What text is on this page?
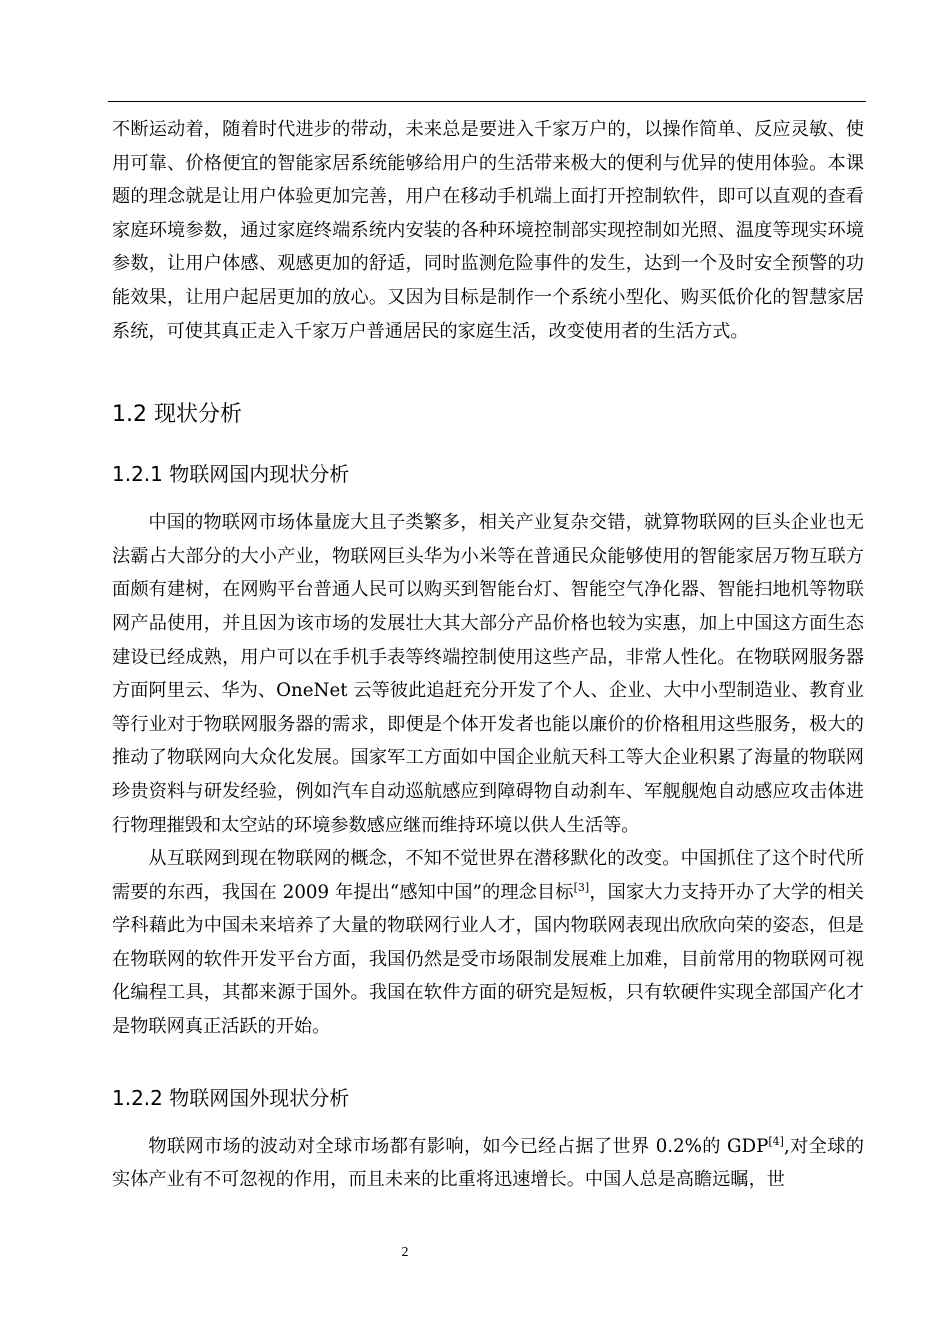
不断运动着，随着时代进步的带动，未来总是要进入千家万户的，以操作简单、反应灵敏、使用可靠、价格便宜的智能家居系统能够给用户的生活带来极大的便利与优异的使用体验。本课题的理念就是让用户体验更加完善，用户在移动手机端上面打开控制软件，即可以直观的查看家庭环境参数，通过家庭终端系统内安装的各种环境控制部实现控制如光照、温度等现实环境参数，让用户体感、观感更加的舒适，同时监测危险事件的发生，达到一个及时安全预警的功能效果，让用户起居更加的放心。又因为目标是制作一个系统小型化、购买低价化的智慧家居系统，可使其真正走入千家万户普通居民的家庭生活，改变使用者的生活方式。

1.2 现状分析
1.2.1 物联网国内现状分析

中国的物联网市场体量庞大且子类繁多，相关产业复杂交错，就算物联网的巨头企业也无法霸占大部分的大小产业，物联网巨头华为小米等在普通民众能够使用的智能家居万物互联方面颇有建树，在网购平台普通人民可以购买到智能台灯、智能空气净化器、智能扫地机等物联网产品使用，并且因为该市场的发展壮大其大部分产品价格也较为实惠，加上中国这方面生态建设已经成熟，用户可以在手机手表等终端控制使用这些产品，非常人性化。在物联网服务器方面阿里云、华为、OneNet 云等彼此追赶充分开发了个人、企业、大中小型制造业、教育业等行业对于物联网服务器的需求，即便是个体开发者也能以廉价的价格租用这些服务，极大的推动了物联网向大众化发展。国家军工方面如中国企业航天科工等大企业积累了海量的物联网珍贵资料与研发经验，例如汽车自动巡航感应到障碍物自动刹车、军舰舰炮自动感应攻击体进行物理摧毁和太空站的环境参数感应继而维持环境以供人生活等。

从互联网到现在物联网的概念，不知不觉世界在潜移默化的改变。中国抓住了这个时代所需要的东西，我国在 2009 年提出“感知中国”的理念目标[3]，国家大力支持开办了大学的相关学科藉此为中国未来培养了大量的物联网行业人才，国内物联网表现出欣欣向荣的姿态，但是在物联网的软件开发平台方面，我国仍然是受市场限制发展难上加难，目前常用的物联网可视化编程工具，其都来源于国外。我国在软件方面的研究是短板，只有软硬件实现全部国产化才是物联网真正活跃的开始。

1.2.2 物联网国外现状分析

物联网市场的波动对全球市场都有影响，如今已经占据了世界 0.2%的 GDP[4],对全球的实体产业有不可忽视的作用，而且未来的比重将迅速增长。中国人总是高瞻远瞩，世

2
